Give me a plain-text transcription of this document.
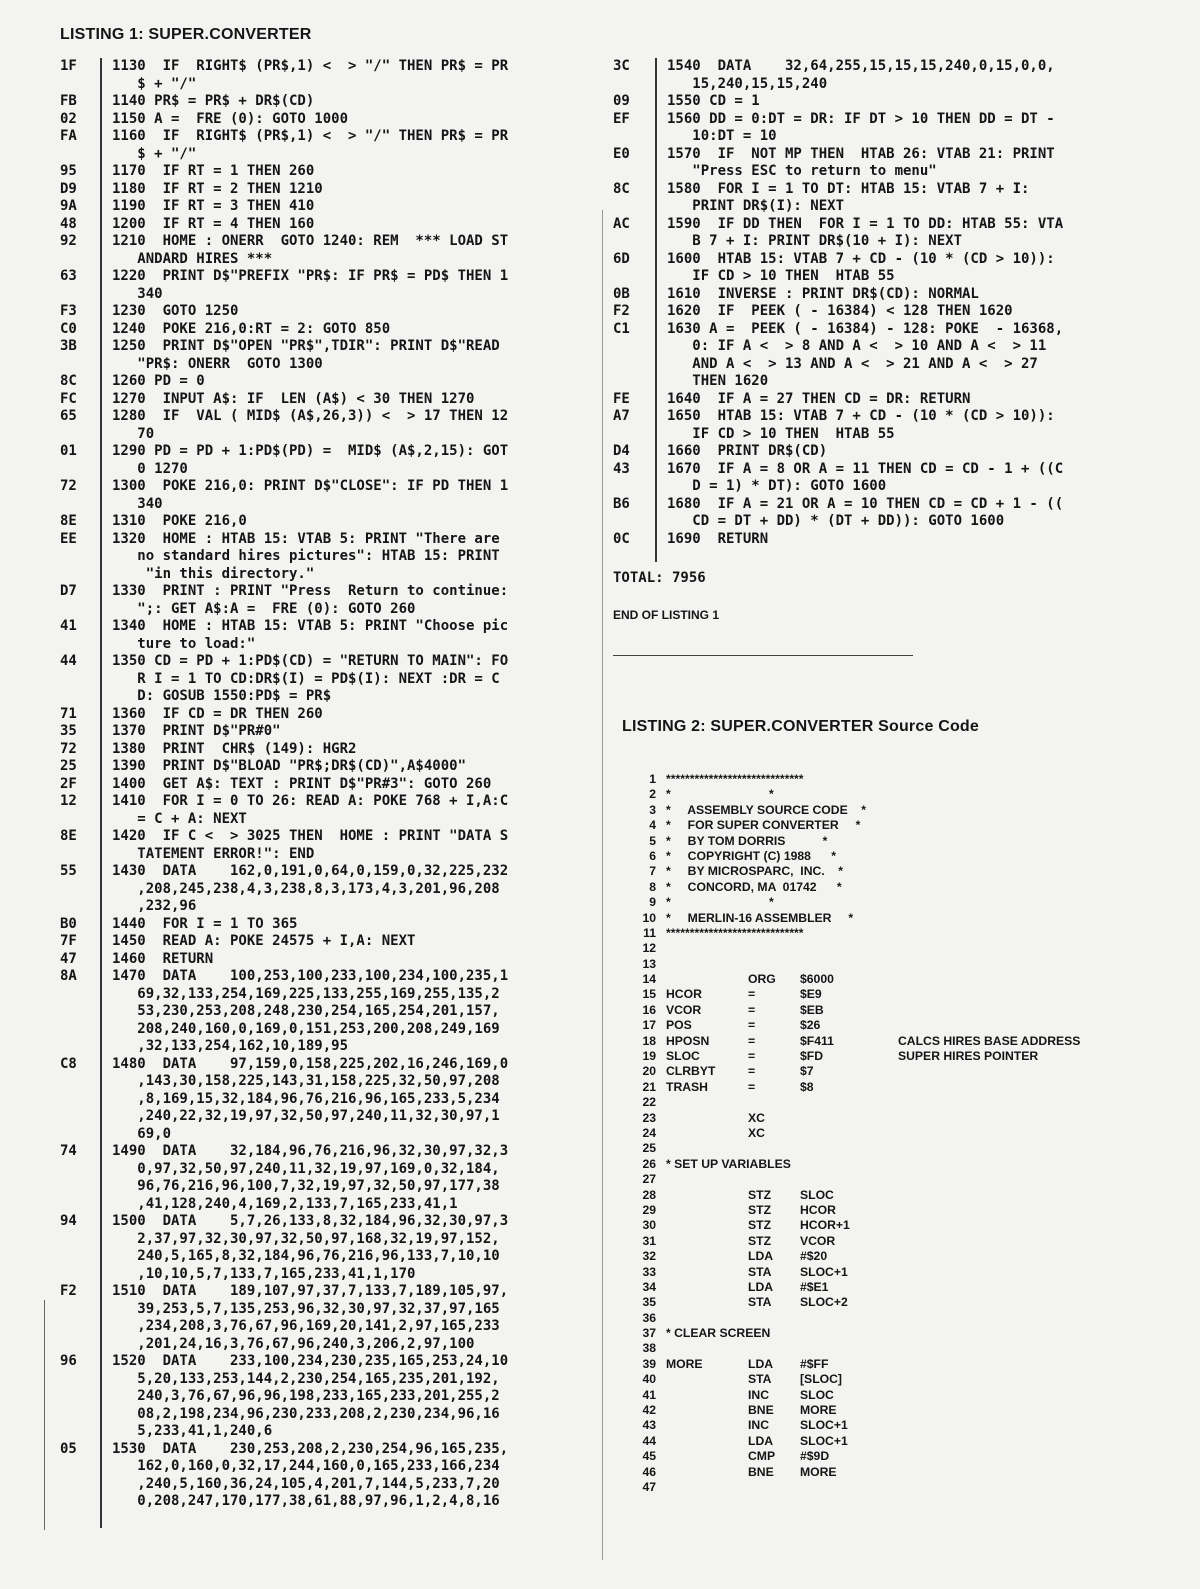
LISTING 1: SUPER.CONVERTER
1F	1130  IF  RIGHT$ (PR$,1) <  > "/" THEN PR$ = PR
$ + "/"
FB	1140 PR$ = PR$ + DR$(CD)
02	1150 A =  FRE (0): GOTO 1000
FA	1160  IF  RIGHT$ (PR$,1) <  > "/" THEN PR$ = PR
$ + "/"
95	1170  IF RT = 1 THEN 260
D9	1180  IF RT = 2 THEN 1210
9A	1190  IF RT = 3 THEN 410
48	1200  IF RT = 4 THEN 160
92	1210  HOME : ONERR  GOTO 1240: REM  *** LOAD ST
ANDARD HIRES ***
63	1220  PRINT D$"PREFIX "PR$: IF PR$ = PD$ THEN 1
340
F3	1230  GOTO 1250
C0	1240  POKE 216,0:RT = 2: GOTO 850
3B	1250  PRINT D$"OPEN "PR$",TDIR": PRINT D$"READ
"PR$: ONERR  GOTO 1300
8C	1260 PD = 0
FC	1270  INPUT A$: IF  LEN (A$) < 30 THEN 1270
65	1280  IF  VAL ( MID$ (A$,26,3)) <  > 17 THEN 12
70
01	1290 PD = PD + 1:PD$(PD) =  MID$ (A$,2,15): GOT
0 1270
72	1300  POKE 216,0: PRINT D$"CLOSE": IF PD THEN 1
340
8E	1310  POKE 216,0
EE	1320  HOME : HTAB 15: VTAB 5: PRINT "There are
no standard hires pictures": HTAB 15: PRINT
"in this directory."
D7	1330  PRINT : PRINT "Press  Return to continue:
";: GET A$:A =  FRE (0): GOTO 260
41	1340  HOME : HTAB 15: VTAB 5: PRINT "Choose pic
ture to load:"
44	1350 CD = PD + 1:PD$(CD) = "RETURN TO MAIN": FO
R I = 1 TO CD:DR$(I) = PD$(I): NEXT :DR = C
D: GOSUB 1550:PD$ = PR$
71	1360  IF CD = DR THEN 260
35	1370  PRINT D$"PR#0"
72	1380  PRINT  CHR$ (149): HGR2
25	1390  PRINT D$"BLOAD "PR$;DR$(CD)",A$4000"
2F	1400  GET A$: TEXT : PRINT D$"PR#3": GOTO 260
12	1410  FOR I = 0 TO 26: READ A: POKE 768 + I,A:C
= C + A: NEXT
8E	1420  IF C <  > 3025 THEN  HOME : PRINT "DATA S
TATEMENT ERROR!": END
55	1430  DATA    162,0,191,0,64,0,159,0,32,225,232
,208,245,238,4,3,238,8,3,173,4,3,201,96,208
,232,96
B0	1440  FOR I = 1 TO 365
7F	1450  READ A: POKE 24575 + I,A: NEXT
47	1460  RETURN
8A	1470  DATA    100,253,100,233,100,234,100,235,1
69,32,133,254,169,225,133,255,169,255,135,2
53,230,253,208,248,230,254,165,254,201,157,
208,240,160,0,169,0,151,253,200,208,249,169
,32,133,254,162,10,189,95
C8	1480  DATA    97,159,0,158,225,202,16,246,169,0
,143,30,158,225,143,31,158,225,32,50,97,208
,8,169,15,32,184,96,76,216,96,165,233,5,234
,240,22,32,19,97,32,50,97,240,11,32,30,97,1
69,0
74	1490  DATA    32,184,96,76,216,96,32,30,97,32,3
0,97,32,50,97,240,11,32,19,97,169,0,32,184,
96,76,216,96,100,7,32,19,97,32,50,97,177,38
,41,128,240,4,169,2,133,7,165,233,41,1
94	1500  DATA    5,7,26,133,8,32,184,96,32,30,97,3
2,37,97,32,30,97,32,50,97,168,32,19,97,152,
240,5,165,8,32,184,96,76,216,96,133,7,10,10
,10,10,5,7,133,7,165,233,41,1,170
F2	1510  DATA    189,107,97,37,7,133,7,189,105,97,
39,253,5,7,135,253,96,32,30,97,32,37,97,165
,234,208,3,76,67,96,169,20,141,2,97,165,233
,201,24,16,3,76,67,96,240,3,206,2,97,100
96	1520  DATA    233,100,234,230,235,165,253,24,10
5,20,133,253,144,2,230,254,165,235,201,192,
240,3,76,67,96,96,198,233,165,233,201,255,2
08,2,198,234,96,230,233,208,2,230,234,96,16
5,233,41,1,240,6
05	1530  DATA    230,253,208,2,230,254,96,165,235,
162,0,160,0,32,17,244,160,0,165,233,166,234
,240,5,160,36,24,105,4,201,7,144,5,233,7,20
0,208,247,170,177,38,61,88,97,96,1,2,4,8,16
3C	1540  DATA    32,64,255,15,15,15,240,0,15,0,0,
15,240,15,15,240
09	1550 CD = 1
EF	1560 DD = 0:DT = DR: IF DT > 10 THEN DD = DT -
10:DT = 10
E0	1570  IF  NOT MP THEN  HTAB 26: VTAB 21: PRINT
"Press ESC to return to menu"
8C	1580  FOR I = 1 TO DT: HTAB 15: VTAB 7 + I:
PRINT DR$(I): NEXT
AC	1590  IF DD THEN  FOR I = 1 TO DD: HTAB 55: VTA
B 7 + I: PRINT DR$(10 + I): NEXT
6D	1600  HTAB 15: VTAB 7 + CD - (10 * (CD > 10)):
IF CD > 10 THEN  HTAB 55
0B	1610  INVERSE : PRINT DR$(CD): NORMAL
F2	1620  IF  PEEK ( - 16384) < 128 THEN 1620
C1	1630 A =  PEEK ( - 16384) - 128: POKE  - 16368,
0: IF A <  > 8 AND A <  > 10 AND A <  > 11
AND A <  > 13 AND A <  > 21 AND A <  > 27
THEN 1620
FE	1640  IF A = 27 THEN CD = DR: RETURN
A7	1650  HTAB 15: VTAB 7 + CD - (10 * (CD > 10)):
IF CD > 10 THEN  HTAB 55
D4	1660  PRINT DR$(CD)
43	1670  IF A = 8 OR A = 11 THEN CD = CD - 1 + ((C
D = 1) * DT): GOTO 1600
B6	1680  IF A = 21 OR A = 10 THEN CD = CD + 1 - ((
CD = DT + DD) * (DT + DD)): GOTO 1600
0C	1690  RETURN
TOTAL: 7956
END OF LISTING 1
LISTING 2: SUPER.CONVERTER Source Code
1 *****************************
2 *                             *
3 *     ASSEMBLY SOURCE CODE    *
4 *     FOR SUPER CONVERTER     *
5 *     BY TOM DORRIS           *
6 *     COPYRIGHT (C) 1988      *
7 *     BY MICROSPARC,  INC.    *
8 *     CONCORD, MA  01742      *
9 *                             *
10 *     MERLIN-16 ASSEMBLER     *
11 *****************************
12
13
14	ORG $6000
15 HCOR	=	$E9
16 VCOR	=	$EB
17 POS	=	$26
18 HPOSN	=	$F411	CALCS HIRES BASE ADDRESS
19 SLOC	=	$FD	SUPER HIRES POINTER
20 CLRBYT	=	$7
21 TRASH	=	$8
22
23	XC
24	XC
25
26 * SET UP VARIABLES
27
28	STZ SLOC
29	STZ HCOR
30	STZ HCOR+1
31	STZ VCOR
32	LDA #$20
33	STA SLOC+1
34	LDA #$E1
35	STA SLOC+2
36
37 * CLEAR SCREEN
38
39 MORE	LDA #$FF
40	STA [SLOC]
41	INC	SLOC
42	BNE MORE
43	INC	SLOC+1
44	LDA SLOC+1
45	CMP #$9D
46	BNE MORE
47
